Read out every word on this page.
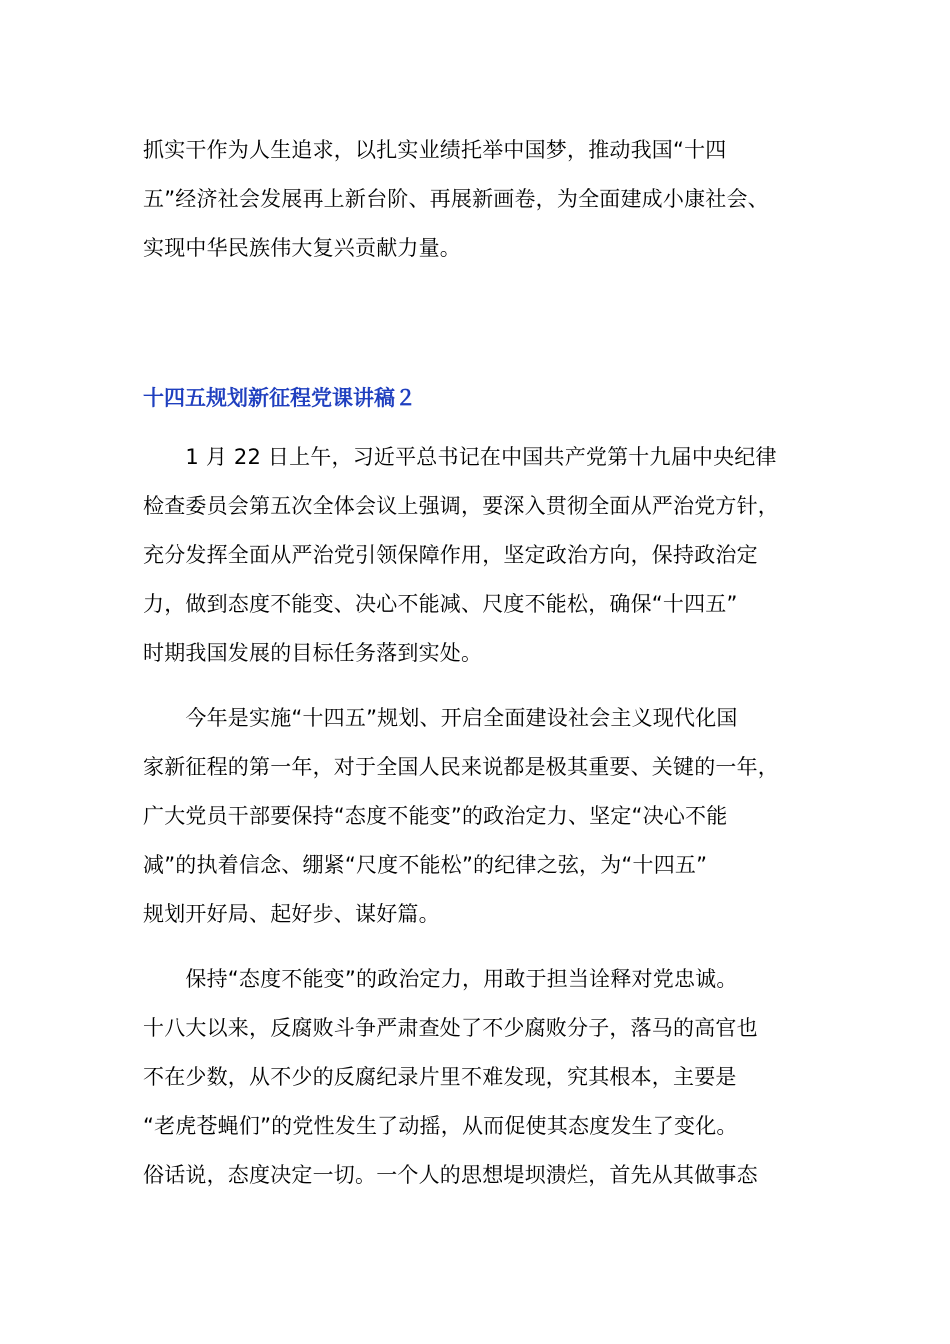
抓实干作为人生追求，以扎实业绩托举中国梦，推动我国“十四
五”经济社会发展再上新台阶、再展新画卷，为全面建成小康社会、
实现中华民族伟大复兴贡献力量。
十四五规划新征程党课讲稿２
　　1 月 22 日上午，习近平总书记在中国共产党第十九届中央纪律
检查委员会第五次全体会议上强调，要深入贯彻全面从严治党方针，
充分发挥全面从严治党引领保障作用，坚定政治方向，保持政治定
力，做到态度不能变、决心不能减、尺度不能松，确保“十四五”
时期我国发展的目标任务落到实处。
　　今年是实施“十四五”规划、开启全面建设社会主义现代化国
家新征程的第一年，对于全国人民来说都是极其重要、关键的一年，
广大党员干部要保持“态度不能变”的政治定力、坚定“决心不能
减”的执着信念、绷紧“尺度不能松”的纪律之弦，为“十四五”
规划开好局、起好步、谋好篇。
　　保持“态度不能变”的政治定力，用敢于担当诠释对党忠诚。
十八大以来，反腐败斗争严肃查处了不少腐败分子，落马的高官也
不在少数，从不少的反腐纪录片里不难发现，究其根本，主要是
“老虎苍蝇们”的党性发生了动摇，从而促使其态度发生了变化。
俗话说，态度决定一切。一个人的思想堤坝溃烂，首先从其做事态
